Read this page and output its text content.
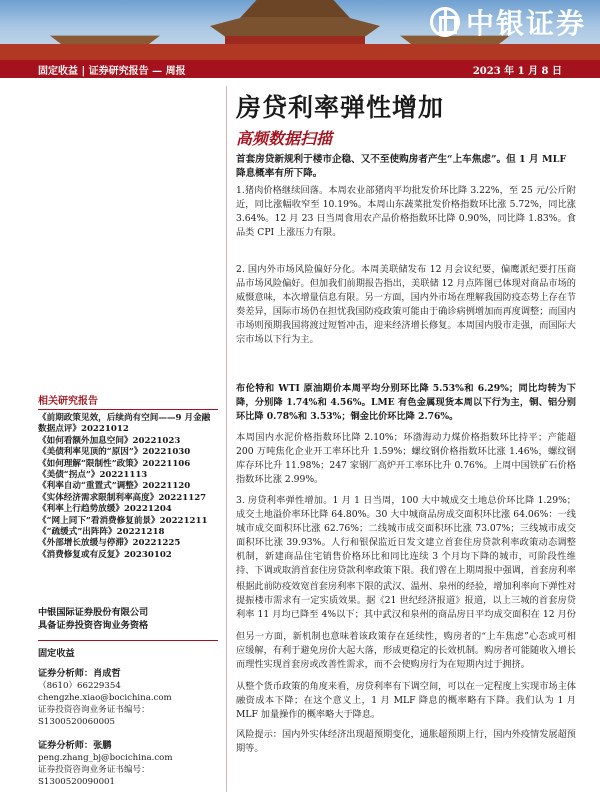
中银证券
固定收益 | 证券研究报告 — 周报	2023 年 1 月 8 日
房贷利率弹性增加
高频数据扫描
首套房贷新规利于楼市企稳、又不至使购房者产生“上车焦虑”。但 1 月 MLF 降息概率有所下降。
1.猪肉价格继续回落。本周农业部猪肉平均批发价环比降 3.22%，至 25 元/公斤附近，同比涨幅收窄至 10.19%。本周山东蔬菜批发价格指数环比涨 5.72%，同比涨 3.64%。12 月 23 日当周食用农产品价格指数环比降 0.90%，同比降 1.83%。食品类 CPI 上涨压力有限。
2. 国内外市场风险偏好分化。本周美联储发布 12 月会议纪要，偏鹰派纪要打压商品市场风险偏好。但加我们前期报告指出，美联储 12 月点阵图已体现对商品市场的威慑意味，本次增量信息有限。另一方面，国内外市场在理解我国防疫态势上存在节奏差异，国际市场仍在担忧我国防疫政策可能由于确诊病例增加而再度调整；而国内市场则预期我国将渡过短暂冲击，迎来经济增长修复。本周国内股市走强，而国际大宗市场以下行为主。
布伦特和 WTI 原油期价本周平均分别环比降 5.53%和 6.29%；同比均转为下降，分别降 1.74%和 4.56%。LME 有色金属现货本周以下行为主，铜、铝分别环比降 0.78%和 3.53%；铜金比价环比降 2.76%。
本周国内水泥价格指数环比降 2.10%；环渤海动力煤价格指数环比持平；产能超 200 万吨焦化企业开工率环比升 1.59%；螺纹钢价格指数环比涨 1.46%，螺纹钢库存环比升 11.98%；247 家钢厂高炉开工率环比升 0.76%。上周中国铁矿石价格指数环比涨 2.99%。
3. 房贷利率弹性增加。1 月 1 日当周，100 大中城成交土地总价环比降 1.29%；成交土地溢价率环比降 64.80%。30 大中城商品房成交面积环比涨 64.06%：一线城市成交面积环比涨 62.76%；二线城市成交面积环比涨 73.07%；三线城市成交面积环比涨 39.93%。人行和银保监近日发文建立首套住房贷款利率政策动态调整机制，新建商品住宅销售价格环比和同比连续 3 个月均下降的城市，可阶段性维持、下调或取消首套住房贷款利率政策下限。我们曾在上期周报中强调，首套房利率
根据此前防疫效宽首套房利率下限的武汉、温州、泉州的经验，增加利率向下弹性对提振楼市需求有一定实质效果。据《21 世纪经济报道》报道，以上三城的首套房贷利率 11 月均已降至 4%以下；其中武汉和泉州的商品房日平均成交面积在 12 月份
但另一方面，新机制也意味着该政策存在延续性，购房者的“上车焦虑”心态或可相应缓解，有利于避免房价大起大落，形成更稳定的长效机制。购房者可能随收入增长而理性实现首套房或改善性需求，而不会使购房行为在短期内过于拥挤。
从整个货币政策的角度来看，房贷利率有下调空间，可以在一定程度上实现市场主体融资成本下降；在这个意义上，1 月 MLF 降息的概率略有下降。我们认为 1 月 MLF 加量操作的概率略大于降息。
风险提示：国内外实体经济出现超预期变化，通胀超预期上行，国内外疫情发展超预期等。
相关研究报告
《前期政策见效，后续尚有空间——9 月金融数据点评》20221012
《如何看额外加息空间》20221023
《美债利率见顶的“原因”》20221030
《如何理解“限制性”政策》20221106
《美债“拐点”》20221113
《利率自动“重置式”调整》20221120
《实体经济需求限制利率高度》20221127
《利率上行趋势放缓》20221204
《“网上同下”看消费修复前景》20221211
《“疏缓式”出阵阵》20221218
《外部增长放缓与停滞》20221225
《消费修复或有反复》20230102
中银国际证券股份有限公司
具备证券投资咨询业务资格
固定收益
证券分析师：肖成哲
（8610）66229354
chengzhe.xiao@bocichina.com
证券投资咨询业务证书编号：S1300520060005
证券分析师：张鹏
peng.zhang_bj@bocichina.com
证券投资咨询业务证书编号：S1300520090001
